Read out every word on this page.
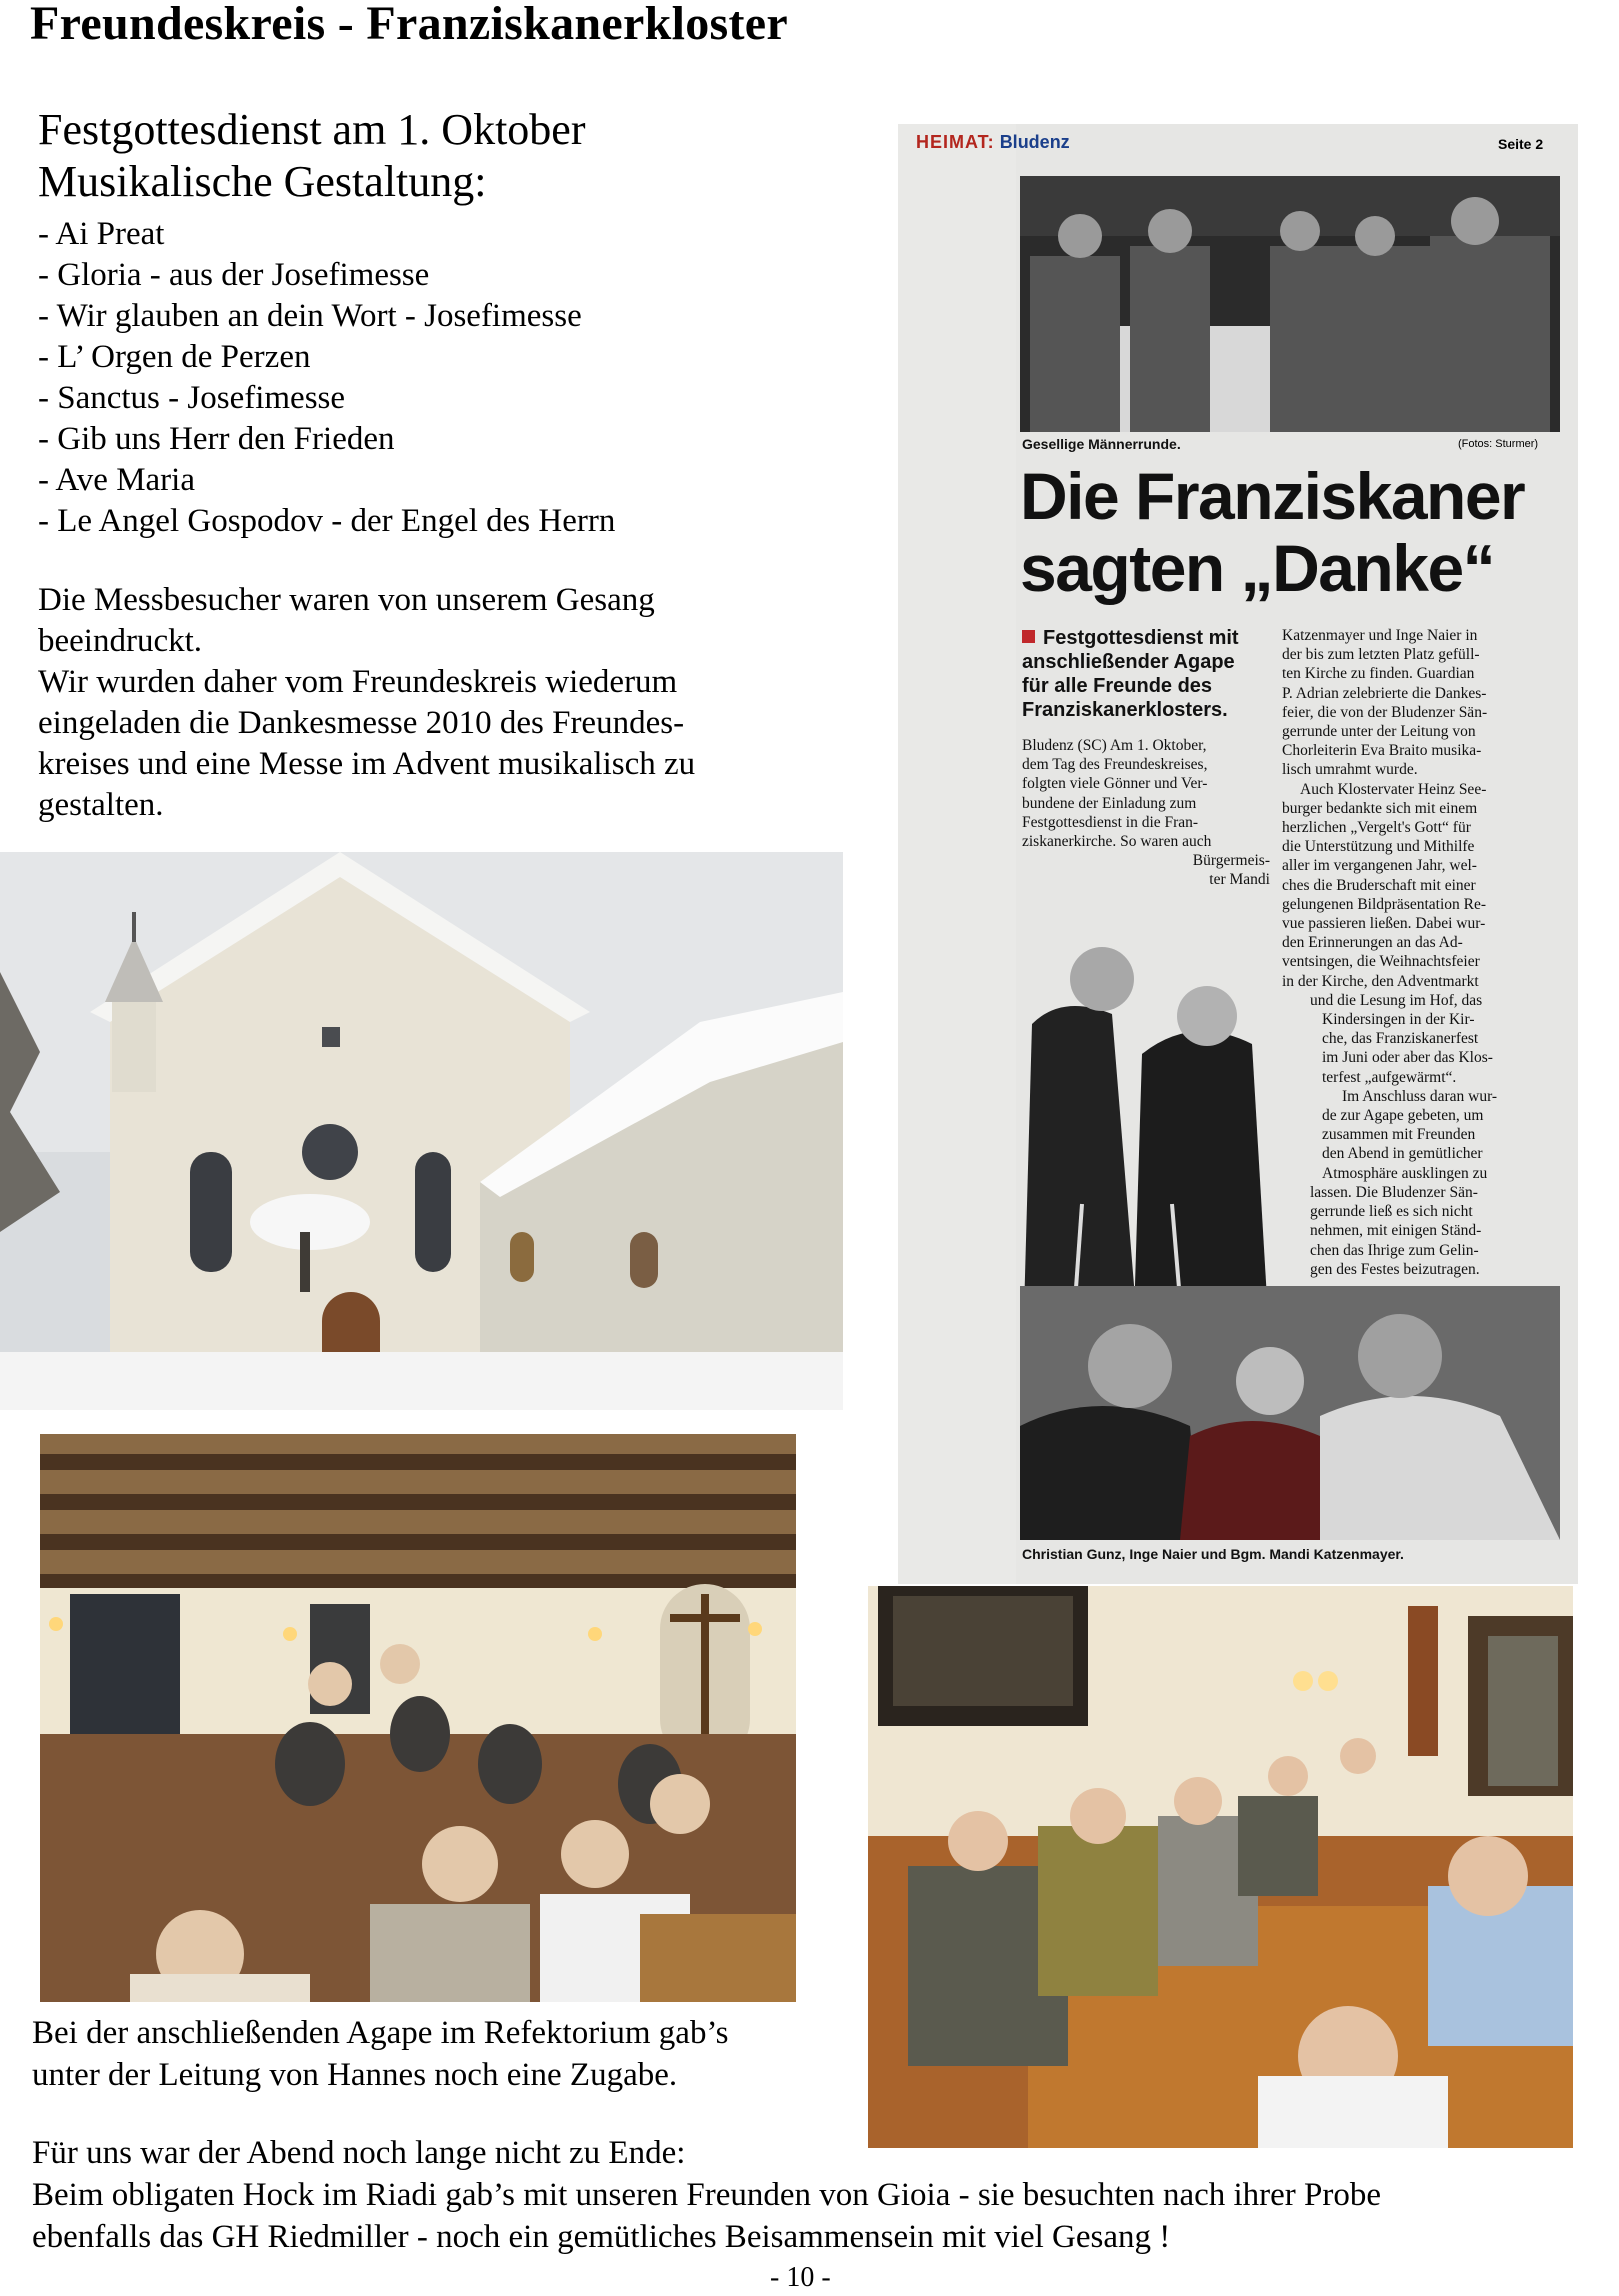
Freundeskreis - Franziskanerkloster
Festgottesdienst am 1. Oktober
Musikalische Gestaltung:
- Ai Preat
- Gloria - aus der Josefimesse
- Wir glauben an dein Wort - Josefimesse
- L’ Orgen de Perzen
- Sanctus - Josefimesse
- Gib uns Herr den Frieden
- Ave Maria
- Le Angel Gospodov - der Engel des Herrn
Die Messbesucher waren von unserem Gesang
beeindruckt.
Wir wurden daher vom Freundeskreis wiederum
eingeladen die Dankesmesse 2010 des Freundes-
kreises und eine Messe im Advent musikalisch zu
gestalten.
HEIMAT: Bludenz	Seite 2
Gesellige Männerrunde.	(Fotos: Sturmer)
Die Franziskaner
sagten „Danke“
Festgottesdienst mit
anschließender Agape
für alle Freunde des
Franziskanerklosters.
Bludenz (SC) Am 1. Oktober,
dem Tag des Freundeskreises,
folgten viele Gönner und Ver-
bundene der Einladung zum
Festgottesdienst in die Fran-
ziskanerkirche. So waren auch
Bürgermeis-
ter Mandi
Katzenmayer und Inge Naier in
der bis zum letzten Platz gefüll-
ten Kirche zu finden. Guardian
P. Adrian zelebrierte die Dankes-
feier, die von der Bludenzer Sän-
gerrunde unter der Leitung von
Chorleiterin Eva Braito musika-
lisch umrahmt wurde.
Auch Klostervater Heinz See-
burger bedankte sich mit einem
herzlichen „Vergelt's Gott“ für
die Unterstützung und Mithilfe
aller im vergangenen Jahr, wel-
ches die Bruderschaft mit einer
gelungenen Bildpräsentation Re-
vue passieren ließen. Dabei wur-
den Erinnerungen an das Ad-
ventsingen, die Weihnachtsfeier
in der Kirche, den Adventmarkt
und die Lesung im Hof, das
Kindersingen in der Kir-
che, das Franziskanerfest
im Juni oder aber das Klos-
terfest „aufgewärmt“.
Im Anschluss daran wur-
de zur Agape gebeten, um
zusammen mit Freunden
den Abend in gemütlicher
Atmosphäre ausklingen zu
lassen. Die Bludenzer Sän-
gerrunde ließ es sich nicht
nehmen, mit einigen Ständ-
chen das Ihrige zum Gelin-
gen des Festes beizutragen.
Christian Gunz, Inge Naier und Bgm. Mandi Katzenmayer.
Bei der anschließenden Agape im Refektorium gab’s
unter der Leitung von Hannes noch eine Zugabe.
Für uns war der Abend noch lange nicht zu Ende:
Beim obligaten Hock im Riadi gab’s mit unseren Freunden von Gioia - sie besuchten nach ihrer Probe
ebenfalls das GH Riedmiller - noch ein gemütliches Beisammensein mit viel Gesang !
- 10 -
